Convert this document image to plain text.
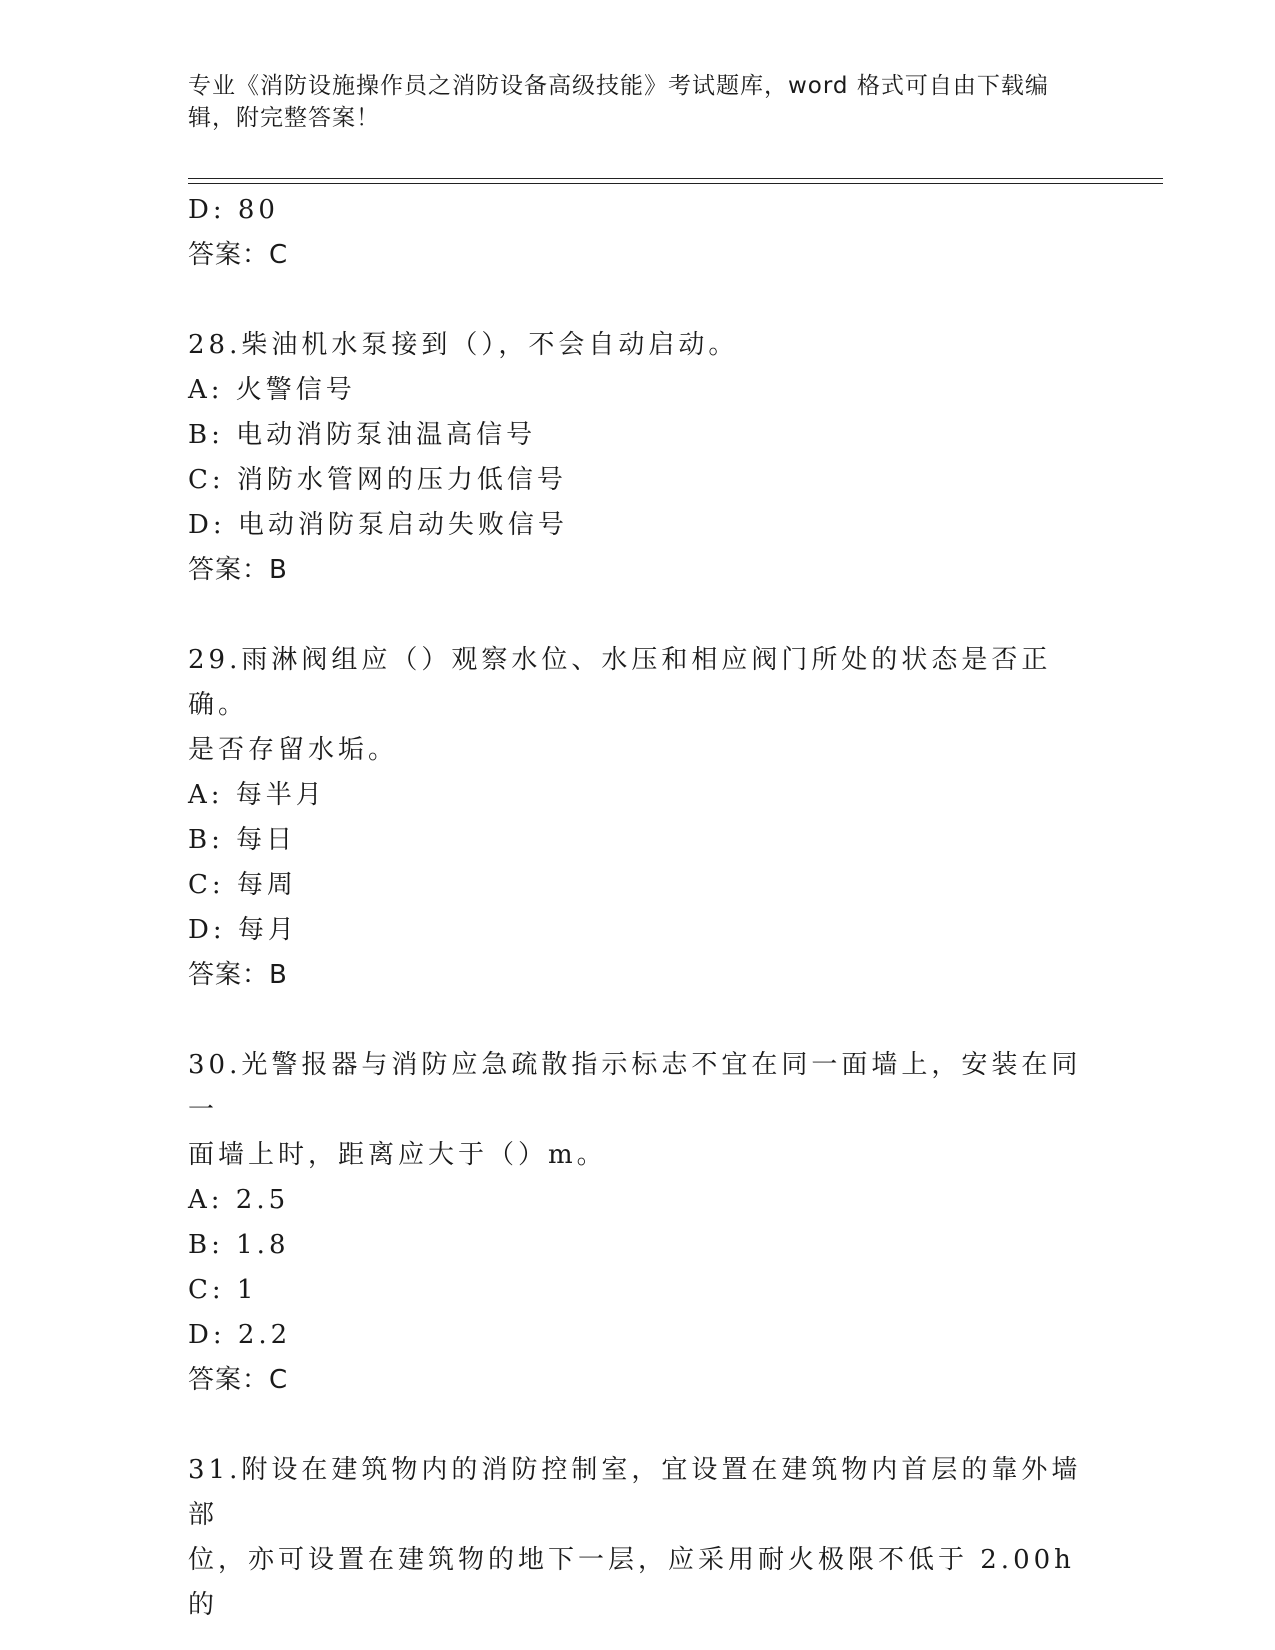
专业《消防设施操作员之消防设备高级技能》考试题库，word 格式可自由下载编辑，附完整答案！

D: 80

答案：C

28.柴油机水泵接到（），不会自动启动。

A: 火警信号

B: 电动消防泵油温高信号

C: 消防水管网的压力低信号

D: 电动消防泵启动失败信号

答案：B

29.雨淋阀组应（）观察水位、水压和相应阀门所处的状态是否正确。

是否存留水垢。

A: 每半月

B: 每日

C: 每周

D: 每月

答案：B

30.光警报器与消防应急疏散指示标志不宜在同一面墙上，安装在同一

面墙上时，距离应大于（）m。

A: 2.5

B: 1.8

C: 1

D: 2.2

答案：C

31.附设在建筑物内的消防控制室，宜设置在建筑物内首层的靠外墙部

位，亦可设置在建筑物的地下一层，应采用耐火极限不低于 2.00h 的
